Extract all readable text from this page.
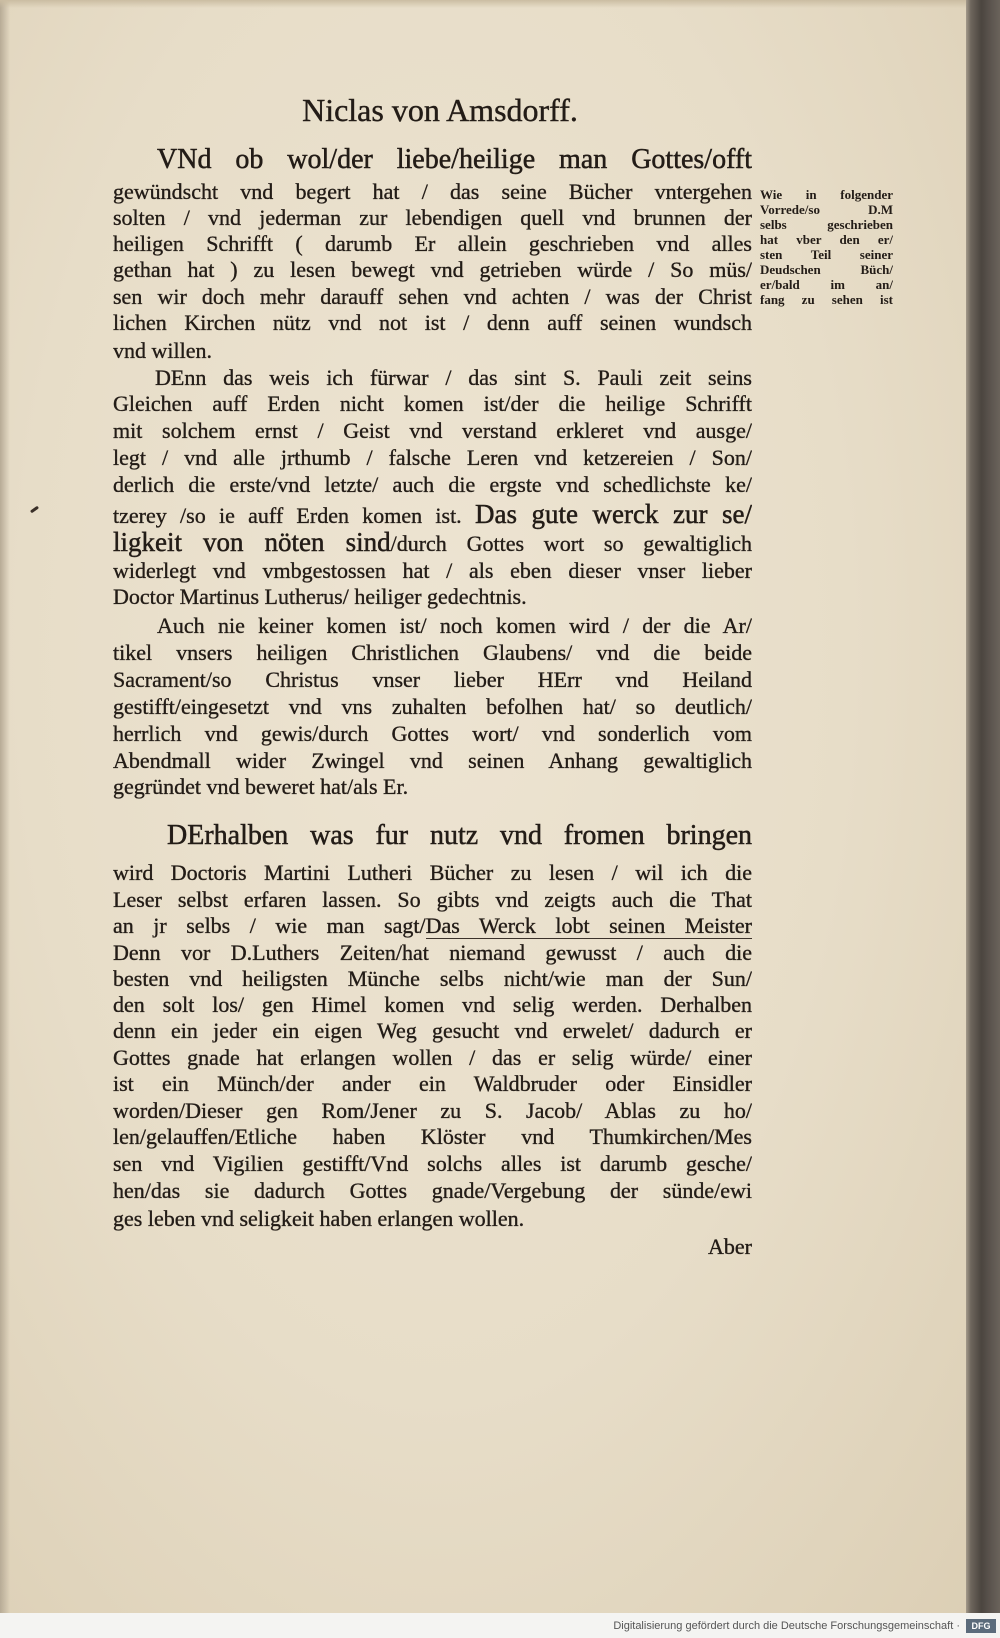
Niclas von Amsdorff.
VNd ob wol/der liebe/heilige man Gottes/offt
gewündscht vnd begert hat / das seine Bücher vntergehen
solten / vnd jederman zur lebendigen quell vnd brunnen der
heiligen Schrifft ( darumb Er allein geschrieben vnd alles
gethan hat ) zu lesen bewegt vnd getrieben würde / So müs/
sen wir doch mehr darauff sehen vnd achten / was der Christ
lichen Kirchen nütz vnd not ist / denn auff seinen wundsch
vnd willen.
Wie in folgender
Vorrede/so D.M
selbs geschrieben
hat vber den er/
sten Teil seiner
Deudschen Büch/
er/bald im an/
fang zu sehen ist
DEnn das weis ich fürwar / das sint S. Pauli zeit seins
Gleichen auff Erden nicht komen ist/der die heilige Schrifft
mit solchem ernst / Geist vnd verstand erkleret vnd ausge/
legt / vnd alle jrthumb / falsche Leren vnd ketzereien / Son/
derlich die erste/vnd letzte/ auch die ergste vnd schedlichste ke/
tzerey /so ie auff Erden komen ist. Das gute werck zur se/
ligkeit von nöten sind/durch Gottes wort so gewaltiglich
widerlegt vnd vmbgestossen hat / als eben dieser vnser lieber
Doctor Martinus Lutherus/ heiliger gedechtnis.
Auch nie keiner komen ist/ noch komen wird / der die Ar/
tikel vnsers heiligen Christlichen Glaubens/ vnd die beide
Sacrament/so Christus vnser lieber HErr vnd Heiland
gestifft/eingesetzt vnd vns zuhalten befolhen hat/ so deutlich/
herrlich vnd gewis/durch Gottes wort/ vnd sonderlich vom
Abendmall wider Zwingel vnd seinen Anhang gewaltiglich
gegründet vnd beweret hat/als Er.
DErhalben was fur nutz vnd fromen bringen
wird Doctoris Martini Lutheri Bücher zu lesen / wil ich die
Leser selbst erfaren lassen. So gibts vnd zeigts auch die That
an jr selbs / wie man sagt/Das Werck lobt seinen Meister
Denn vor D.Luthers Zeiten/hat niemand gewusst / auch die
besten vnd heiligsten Münche selbs nicht/wie man der Sun/
den solt los/ gen Himel komen vnd selig werden. Derhalben
denn ein jeder ein eigen Weg gesucht vnd erwelet/ dadurch er
Gottes gnade hat erlangen wollen / das er selig würde/ einer
ist ein Münch/der ander ein Waldbruder oder Einsidler
worden/Dieser gen Rom/Jener zu S. Jacob/ Ablas zu ho/
len/gelauffen/Etliche haben Klöster vnd Thumkirchen/Mes
sen vnd Vigilien gestifft/Vnd solchs alles ist darumb gesche/
hen/das sie dadurch Gottes gnade/Vergebung der sünde/ewi
ges leben vnd seligkeit haben erlangen wollen.
Aber
Digitalisierung gefördert durch die Deutsche Forschungsgemeinschaft ·	DFG
